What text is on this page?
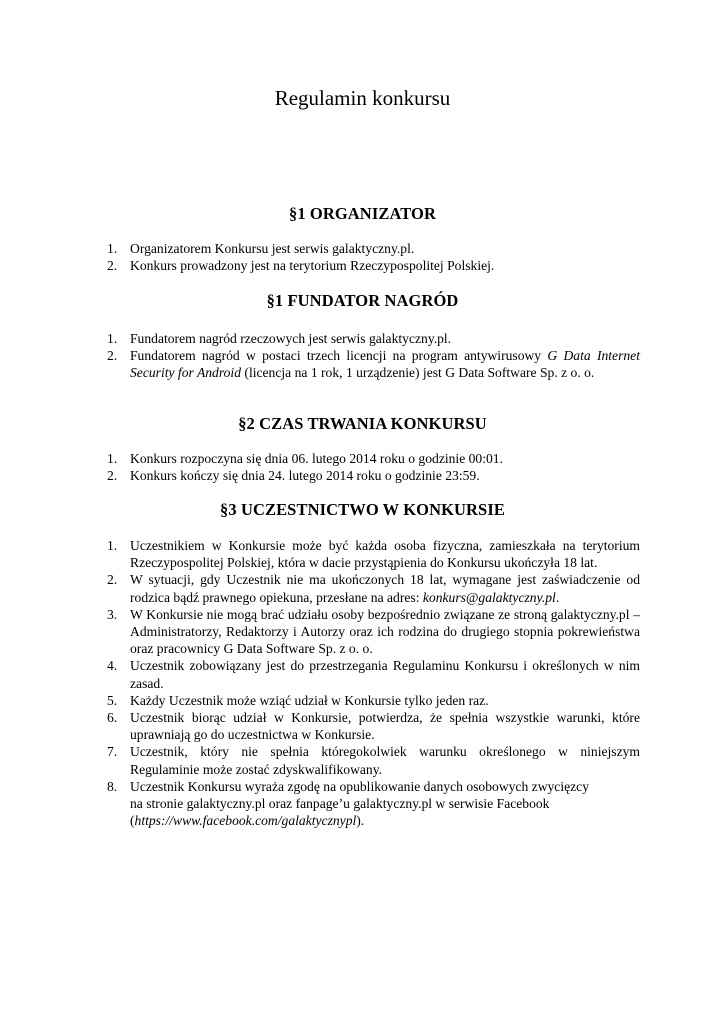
Regulamin konkursu
§1 ORGANIZATOR
1. Organizatorem Konkursu jest serwis galaktyczny.pl.
2. Konkurs prowadzony jest na terytorium Rzeczypospolitej Polskiej.
§1 FUNDATOR NAGRÓD
1. Fundatorem nagród rzeczowych jest serwis galaktyczny.pl.
2. Fundatorem nagród w postaci trzech licencji na program antywirusowy G Data Internet Security for Android (licencja na 1 rok, 1 urządzenie) jest G Data Software Sp. z o. o.
§2 CZAS TRWANIA KONKURSU
1. Konkurs rozpoczyna się dnia 06. lutego 2014 roku o godzinie 00:01.
2. Konkurs kończy się dnia 24. lutego 2014 roku o godzinie 23:59.
§3 UCZESTNICTWO W KONKURSIE
1. Uczestnikiem w Konkursie może być każda osoba fizyczna, zamieszkała na terytorium Rzeczypospolitej Polskiej, która w dacie przystąpienia do Konkursu ukończyła 18 lat.
2. W sytuacji, gdy Uczestnik nie ma ukończonych 18 lat, wymagane jest zaświadczenie od rodzica bądź prawnego opiekuna, przesłane na adres: konkurs@galaktyczny.pl.
3. W Konkursie nie mogą brać udziału osoby bezpośrednio związane ze stroną galaktyczny.pl – Administratorzy, Redaktorzy i Autorzy oraz ich rodzina do drugiego stopnia pokrewieństwa oraz pracownicy G Data Software Sp. z o. o.
4. Uczestnik zobowiązany jest do przestrzegania Regulaminu Konkursu i określonych w nim zasad.
5. Każdy Uczestnik może wziąć udział w Konkursie tylko jeden raz.
6. Uczestnik biorąc udział w Konkursie, potwierdza, że spełnia wszystkie warunki, które uprawniają go do uczestnictwa w Konkursie.
7. Uczestnik, który nie spełnia któregokolwiek warunku określonego w niniejszym Regulaminie może zostać zdyskwalifikowany.
8. Uczestnik Konkursu wyraża zgodę na opublikowanie danych osobowych zwycięzcy
na stronie galaktyczny.pl oraz fanpage’u galaktyczny.pl w serwisie Facebook
(https://www.facebook.com/galaktycznypl).
